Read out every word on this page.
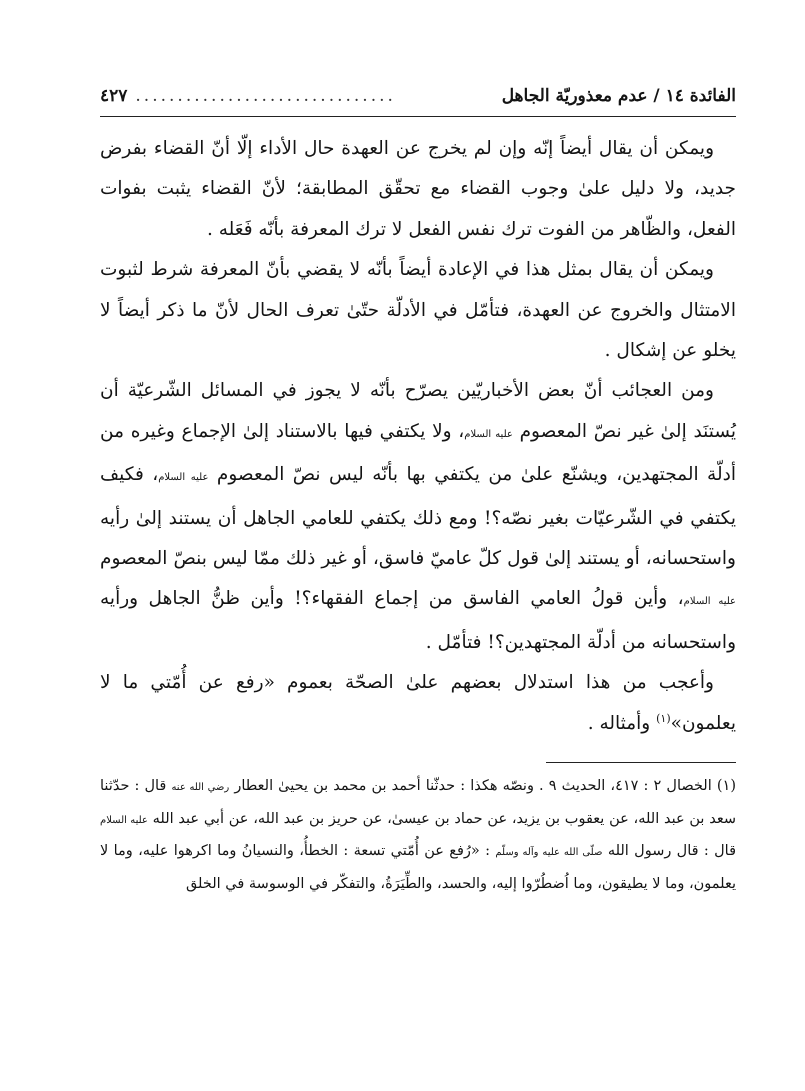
الفائدة ١٤ / عدم معذوريّة الجاهل
...............................
٤٢٧

ويمكن أن يقال أيضاً إنّه وإن لم يخرج عن العهدة حال الأداء إلّا أنّ القضاء بفرض جديد، ولا دليل علىٰ وجوب القضاء مع تحقّق المطابقة؛ لأنّ القضاء يثبت بفوات الفعل، والظّاهر من الفوت ترك نفس الفعل لا ترك المعرفة بأنّه فَعَله .

ويمكن أن يقال بمثل هذا في الإعادة أيضاً بأنّه لا يقضي بأنّ المعرفة شرط لثبوت الامتثال والخروج عن العهدة، فتأمّل في الأدلّة حتّىٰ تعرف الحال لأنّ ما ذكر أيضاً لا يخلو عن إشكال .

ومن العجائب أنّ بعض الأخباريّين يصرّح بأنّه لا يجوز في المسائل الشّرعيّة أن يُستنَد إلىٰ غير نصّ المعصوم عليه السلام، ولا يكتفي فيها بالاستناد إلىٰ الإجماع وغيره من أدلّة المجتهدين، ويشنّع علىٰ من يكتفي بها بأنّه ليس نصّ المعصوم عليه السلام، فكيف يكتفي في الشّرعيّات بغير نصّه؟! ومع ذلك يكتفي للعامي الجاهل أن يستند إلىٰ رأيه واستحسانه، أو يستند إلىٰ قول كلّ عاميّ فاسق، أو غير ذلك ممّا ليس بنصّ المعصوم عليه السلام، وأين قولُ العامي الفاسق من إجماع الفقهاء؟! وأين ظنُّ الجاهل ورأيه واستحسانه من أدلّة المجتهدين؟! فتأمّل .

وأعجب من هذا استدلال بعضهم علىٰ الصحّة بعموم «رفع عن أُمّتي ما لا يعلمون»$^{(١)}$ وأمثاله .

(١) الخصال ٢ : ٤١٧، الحديث ٩ . ونصّه هكذا : حدثّنا أحمد بن محمد بن يحيىٰ العطار رضي الله عنه قال : حدّثنا سعد بن عبد الله، عن يعقوب بن يزيد، عن حماد بن عيسىٰ، عن حريز بن عبد الله، عن أبي عبد الله عليه السلام قال : قال رسول الله صلّى الله عليه وآله وسلّم : «رُفع عن أُمّتي تسعة : الخطأُ، والنسيانُ وما اكرهوا عليه، وما لا يعلمون، وما لا يطيقون، وما اُضطُرّوا إليه، والحسد، والطِّيَرَةُ، والتفكّر في الوسوسة في الخلق
